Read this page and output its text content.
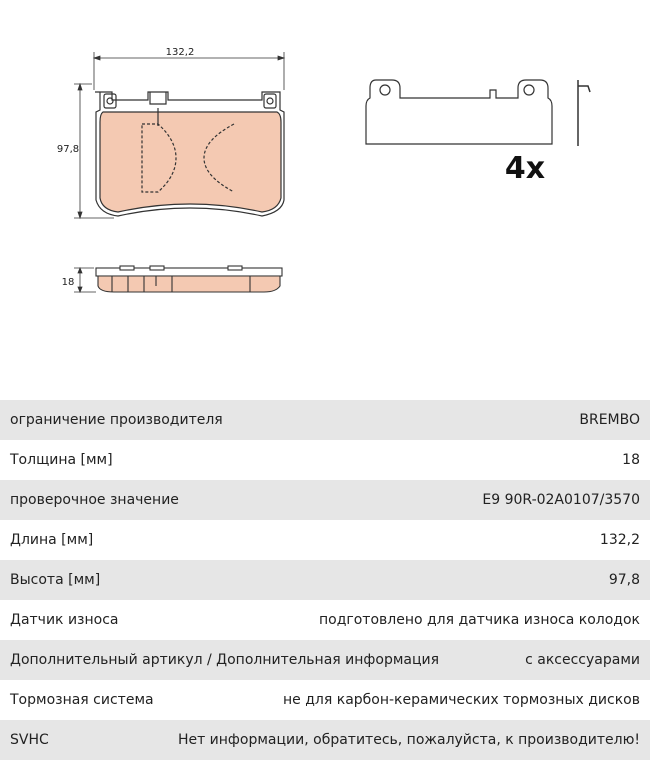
132,2
97,8
18
4x
ограничение производителя	BREMBO
Толщина [мм]	18
проверочное значение	E9 90R-02A0107/3570
Длина [мм]	132,2
Высота [мм]	97,8
Датчик износа	подготовлено для датчика износа колодок
Дополнительный артикул / Дополнительная информация	с аксессуарами
Тормозная система	не для карбон-керамических тормозных дисков
SVHC	Нет информации, обратитесь, пожалуйста, к производителю!
